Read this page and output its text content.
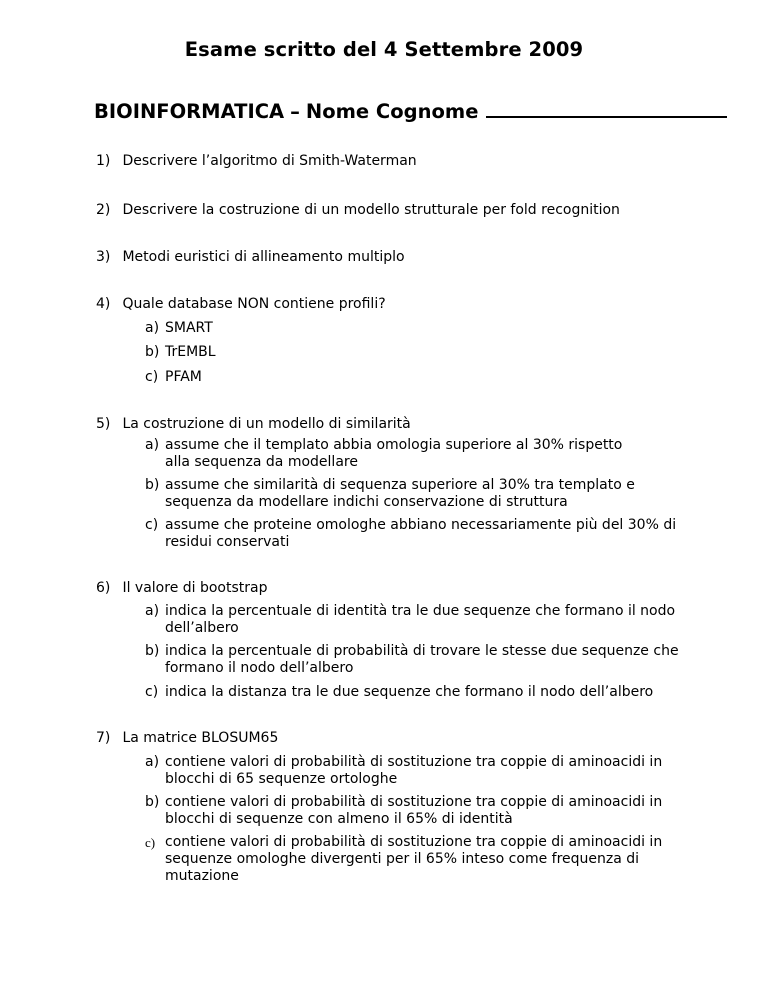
Esame scritto del 4 Settembre 2009
BIOINFORMATICA – Nome Cognome
1) Descrivere l’algoritmo di Smith-Waterman
2) Descrivere la costruzione di un modello strutturale per fold recognition
3) Metodi euristici di allineamento multiplo
4) Quale database NON contiene profili?
a) SMART
b) TrEMBL
c) PFAM
5) La costruzione di un modello di similarità
a) assume che il templato abbia omologia superiore al 30% rispetto alla sequenza da modellare
b) assume che similarità di sequenza superiore al 30% tra templato e sequenza da modellare indichi conservazione di struttura
c) assume che proteine omologhe abbiano necessariamente più del 30% di residui conservati
6) Il valore di bootstrap
a) indica la percentuale di identità tra le due sequenze che formano il nodo dell’albero
b) indica la percentuale di probabilità di trovare le stesse due sequenze che formano il nodo dell’albero
c) indica la distanza tra le due sequenze che formano il nodo dell’albero
7) La matrice BLOSUM65
a) contiene valori di probabilità di sostituzione tra coppie di aminoacidi in blocchi di 65 sequenze ortologhe
b) contiene valori di probabilità di sostituzione tra coppie di aminoacidi in blocchi di sequenze con almeno il 65% di identità
c) contiene valori di probabilità di sostituzione tra coppie di aminoacidi in sequenze omologhe divergenti per il 65% inteso come frequenza di mutazione
